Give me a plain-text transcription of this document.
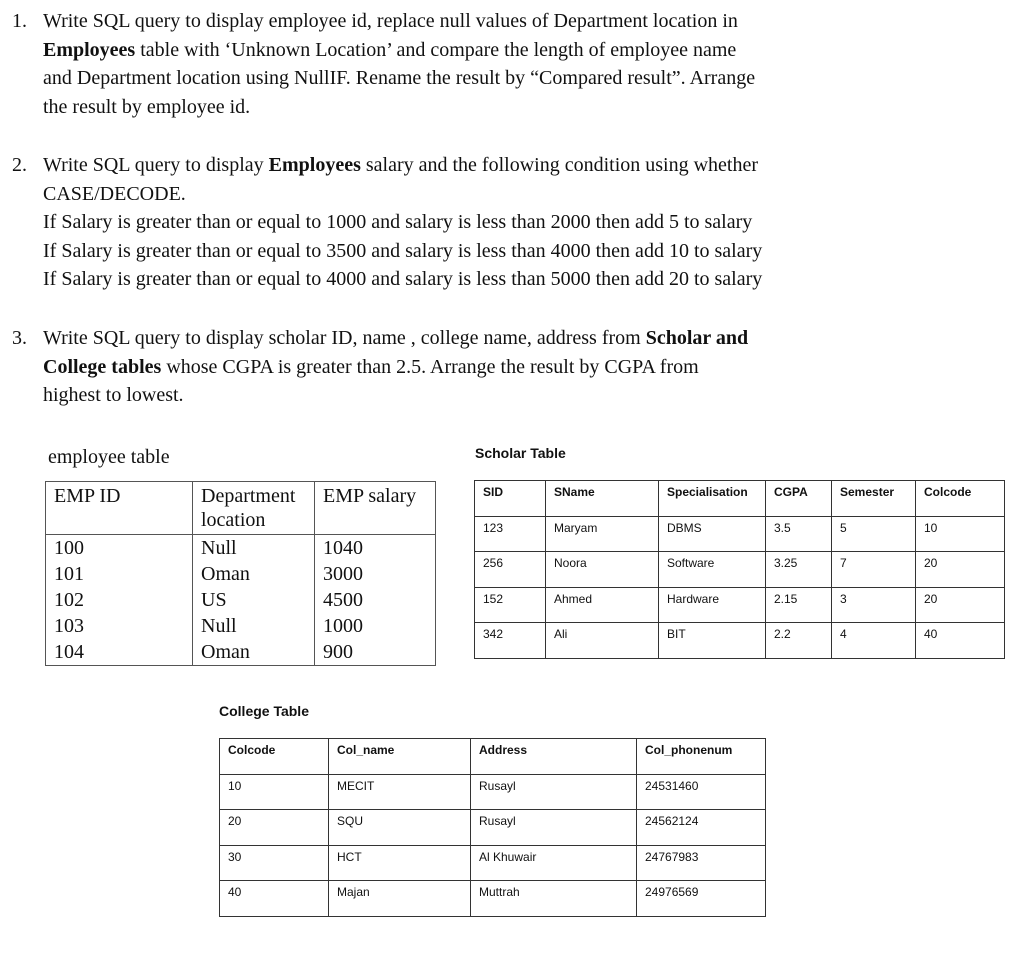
1. Write SQL query to display employee id, replace null values of Department location in
Employees table with ‘Unknown Location’ and compare the length of employee name
and Department location using NullIF. Rename the result by “Compared result”. Arrange
the result by employee id.
2. Write SQL query to display Employees salary and the following condition using whether
CASE/DECODE.
If Salary is greater than or equal to 1000 and salary is less than 2000 then add 5 to salary
If Salary is greater than or equal to 3500 and salary is less than 4000 then add 10 to salary
If Salary is greater than or equal to 4000 and salary is less than 5000 then add 20 to salary
3. Write SQL query to display scholar ID, name , college name, address from Scholar and
College tables whose CGPA is greater than 2.5. Arrange the result by CGPA from
highest to lowest.
employee table	Scholar Table
College Table
EMP ID	Department location	EMP salary
100	Null	1040
101	Oman	3000
102	US	4500
103	Null	1000
104	Oman	900
SID	SName	Specialisation	CGPA	Semester	Colcode
123	Maryam	DBMS	3.5	5	10
256	Noora	Software	3.25	7	20
152	Ahmed	Hardware	2.15	3	20
342	Ali	BIT	2.2	4	40
Colcode	Col_name	Address	Col_phonenum
10	MECIT	Rusayl	24531460
20	SQU	Rusayl	24562124
30	HCT	Al Khuwair	24767983
40	Majan	Muttrah	24976569
